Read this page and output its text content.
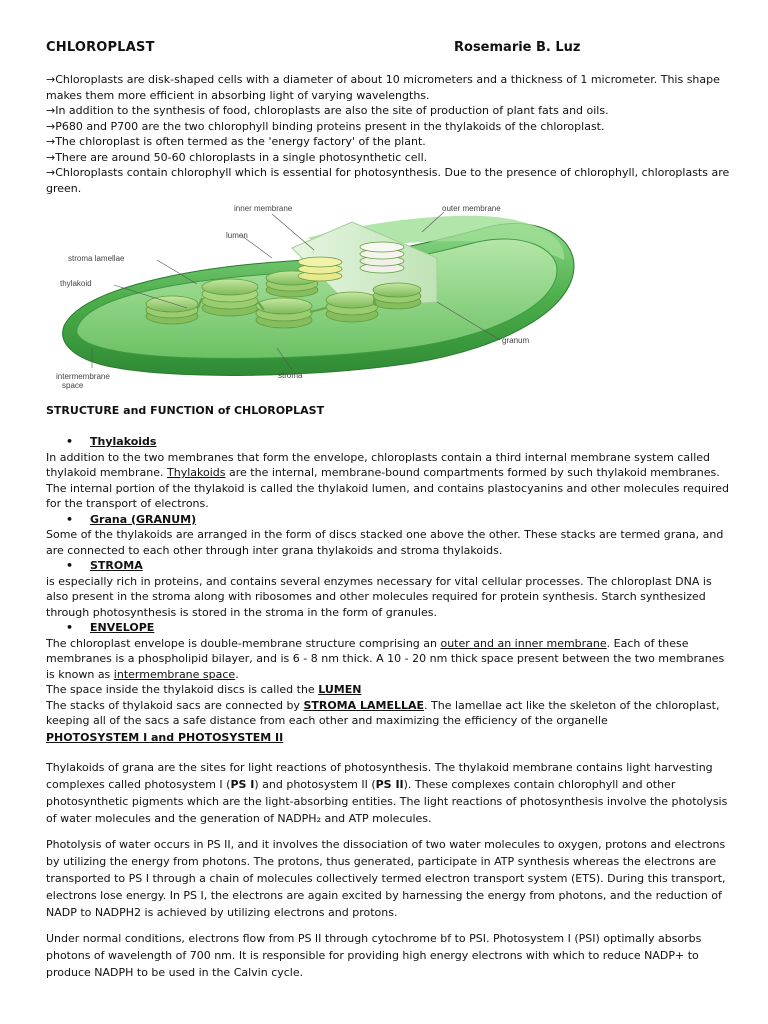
CHLOROPLAST	Rosemarie B. Luz

→Chloroplasts are disk-shaped cells with a diameter of about 10 micrometers and a thickness of 1 micrometer. This shape makes them more efficient in absorbing light of varying wavelengths.

→In addition to the synthesis of food, chloroplasts are also the site of production of plant fats and oils.

→P680 and P700 are the two chlorophyll binding proteins present in the thylakoids of the chloroplast.

→The chloroplast is often termed as the 'energy factory' of the plant.

→There are around 50-60 chloroplasts in a single photosynthetic cell.

→Chloroplasts contain chlorophyll which is essential for photosynthesis. Due to the presence of chlorophyll, chloroplasts are green.

inner membrane	outer membrane
lumen
stroma lamellae
thylakoid
granum
stroma
intermembrane space
STRUCTURE and FUNCTION of CHLOROPLAST

• Thylakoids

In addition to the two membranes that form the envelope, chloroplasts contain a third internal membrane system called thylakoid membrane. Thylakoids are the internal, membrane-bound compartments formed by such thylakoid membranes. The internal portion of the thylakoid is called the thylakoid lumen, and contains plastocyanins and other molecules required for the transport of electrons.

• Grana (GRANUM)

Some of the thylakoids are arranged in the form of discs stacked one above the other. These stacks are termed grana, and are connected to each other through inter grana thylakoids and stroma thylakoids.

• STROMA

is especially rich in proteins, and contains several enzymes necessary for vital cellular processes. The chloroplast DNA is also present in the stroma along with ribosomes and other molecules required for protein synthesis. Starch synthesized through photosynthesis is stored in the stroma in the form of granules.

• ENVELOPE

The chloroplast envelope is double-membrane structure comprising an outer and an inner membrane. Each of these membranes is a phospholipid bilayer, and is 6 - 8 nm thick. A 10 - 20 nm thick space present between the two membranes is known as intermembrane space.

The space inside the thylakoid discs is called the LUMEN

The stacks of thylakoid sacs are connected by STROMA LAMELLAE. The lamellae act like the skeleton of the chloroplast, keeping all of the sacs a safe distance from each other and maximizing the efficiency of the organelle

PHOTOSYSTEM I and PHOTOSYSTEM II

Thylakoids of grana are the sites for light reactions of photosynthesis. The thylakoid membrane contains light harvesting complexes called photosystem I (PS I) and photosystem II (PS II). These complexes contain chlorophyll and other photosynthetic pigments which are the light-absorbing entities. The light reactions of photosynthesis involve the photolysis of water molecules and the generation of NADPH₂ and ATP molecules.

Photolysis of water occurs in PS II, and it involves the dissociation of two water molecules to oxygen, protons and electrons by utilizing the energy from photons. The protons, thus generated, participate in ATP synthesis whereas the electrons are transported to PS I through a chain of molecules collectively termed electron transport system (ETS). During this transport, electrons lose energy. In PS I, the electrons are again excited by harnessing the energy from photons, and the reduction of NADP to NADPH2 is achieved by utilizing electrons and protons.

Under normal conditions, electrons flow from PS II through cytochrome bf to PSI. Photosystem I (PSI) optimally absorbs photons of wavelength of 700 nm. It is responsible for providing high energy electrons with which to reduce NADP+ to produce NADPH to be used in the Calvin cycle.
